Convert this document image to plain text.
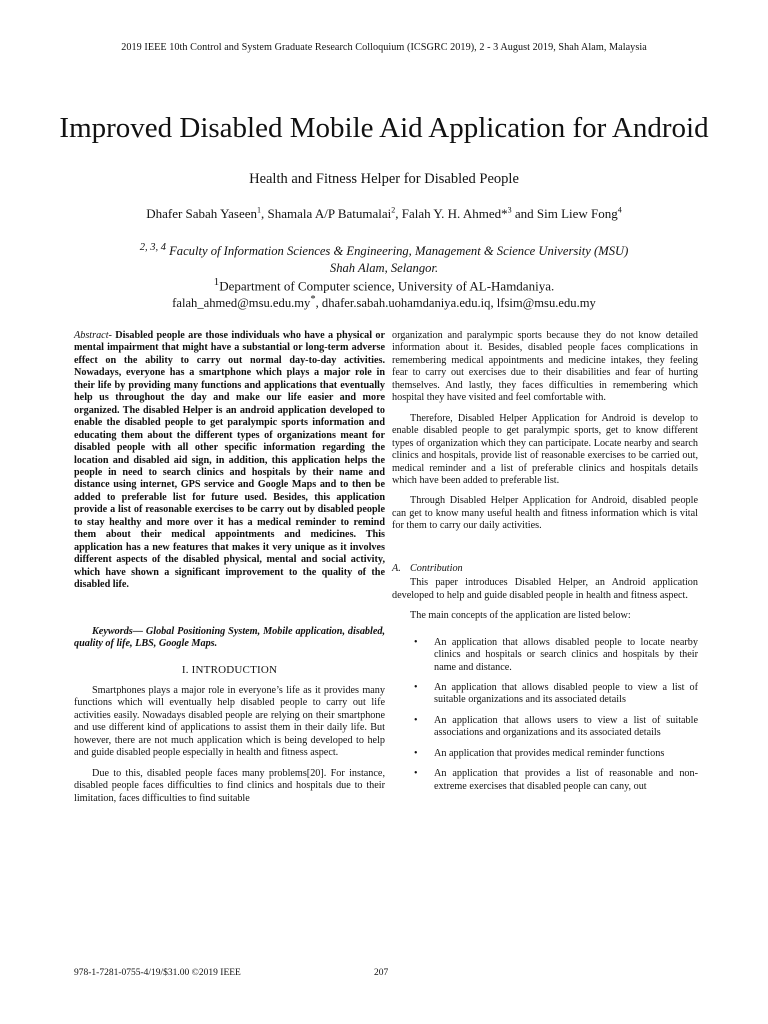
2019 IEEE 10th Control and System Graduate Research Colloquium (ICSGRC 2019), 2 - 3 August 2019, Shah Alam, Malaysia
Improved Disabled Mobile Aid Application for Android
Health and Fitness Helper for Disabled People
Dhafer Sabah Yaseen$^1$, Shamala A/P Batumalai$^2$, Falah Y. H. Ahmed*$^3$ and Sim Liew Fong$^4$
$^{2, 3, 4}$ Faculty of Information Sciences & Engineering, Management & Science University (MSU)
Shah Alam, Selangor.
$^1$Department of Computer science, University of AL-Hamdaniya.
falah_ahmed@msu.edu.my*, dhafer.sabah.uohamdaniya.edu.iq, lfsim@msu.edu.my

Abstract- Disabled people are those individuals who have a physical or mental impairment that might have a substantial or long-term adverse effect on the ability to carry out normal day-to-day activities. Nowadays, everyone has a smartphone which plays a major role in their life by providing many functions and applications that eventually help us throughout the day and make our life easier and more organized. The disabled Helper is an android application developed to enable the disabled people to get paralympic sports information and educating them about the different types of organizations meant for disabled people with all other specific information regarding the location and disabled aid sign, in addition, this application helps the people in need to search clinics and hospitals by their name and distance using internet, GPS service and Google Maps and to then be added to preferable list for future used. Besides, this application provide a list of reasonable exercises to be carry out by disabled people to stay healthy and more over it has a medical reminder to remind them about their medical appointments and medicines. This application has a new features that makes it very unique as it involves different aspects of the disabled physical, mental and social activity, which have shown a significant improvement to the quality of the disabled life.

Keywords— Global Positioning System, Mobile application, disabled, quality of life, LBS, Google Maps.

I. INTRODUCTION

Smartphones plays a major role in everyone’s life as it provides many functions which will eventually help disabled people to carry out life activities easily. Nowadays disabled people are relying on their smartphone and use different kind of applications to assist them in their daily life. But however, there are not much application which is being developed to help and guide disabled people especially in health and fitness aspect.

Due to this, disabled people faces many problems[20]. For instance, disabled people faces difficulties to find clinics and hospitals due to their limitation, faces difficulties to find suitable

organization and paralympic sports because they do not know detailed information about it. Besides, disabled people faces complications in remembering medical appointments and medicine intakes, they feeling fear to carry out exercises due to their disabilities and fear of hurting themselves. And lastly, they faces difficulties in remembering which hospital they have visited and feel comfortable with.

Therefore, Disabled Helper Application for Android is develop to enable disabled people to get paralympic sports, get to know different types of organization which they can participate. Locate nearby and search clinics and hospitals, provide list of reasonable exercises to be carried out, medical reminder and a list of preferable clinics and hospitals details which have been added to preferable list.

Through Disabled Helper Application for Android, disabled people can get to know many useful health and fitness information which is vital for them to carry our daily activities.

A. Contribution

This paper introduces Disabled Helper, an Android application developed to help and guide disabled people in health and fitness aspect.

The main concepts of the application are listed below:

• An application that allows disabled people to locate nearby clinics and hospitals or search clinics and hospitals by their name and distance.
• An application that allows disabled people to view a list of suitable organizations and its associated details
• An application that allows users to view a list of suitable associations and organizations and its associated details
• An application that provides medical reminder functions
• An application that provides a list of reasonable and non-extreme exercises that disabled people can cany, out
978-1-7281-0755-4/19/$31.00 ©2019 IEEE	207
